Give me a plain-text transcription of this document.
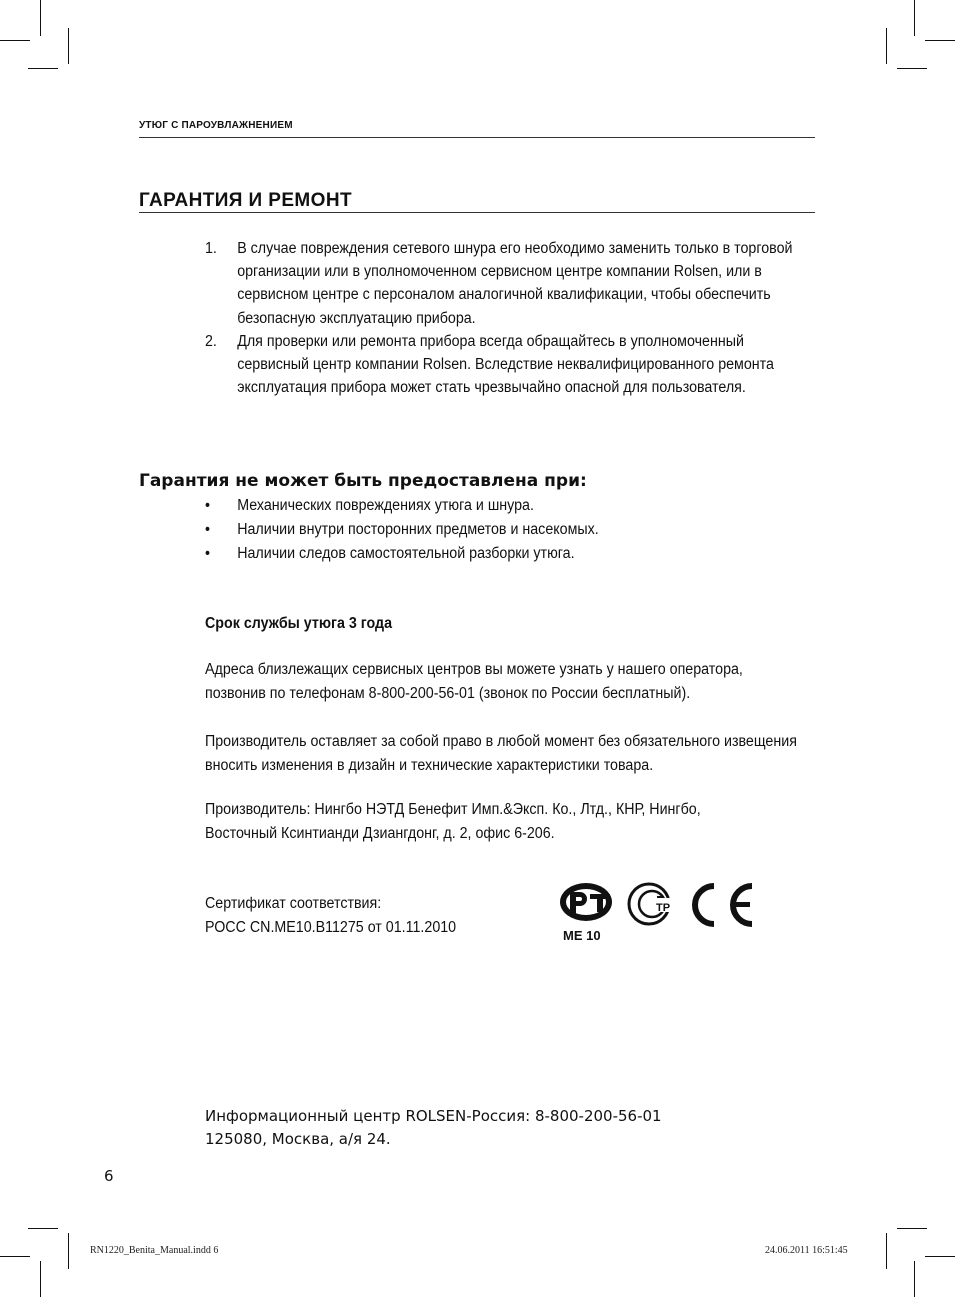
УТЮГ С ПАРОУВЛАЖНЕНИЕМ
ГАРАНТИЯ И РЕМОНТ
1. В случае повреждения сетевого шнура его необходимо заменить только в торговой организации или в уполномоченном сервисном центре компании Rolsen, или в сервисном центре с персоналом аналогичной квалификации, чтобы обеспечить безопасную эксплуатацию прибора.
2. Для проверки или ремонта прибора всегда обращайтесь в уполномоченный сервисный центр компании Rolsen. Вследствие неквалифицированного ремонта эксплуатация прибора может стать чрезвычайно опасной для пользователя.
Гарантия не может быть предоставлена при:
• Механических повреждениях утюга и шнура.
• Наличии внутри посторонних предметов и насекомых.
• Наличии следов самостоятельной разборки утюга.
Срок службы утюга 3 года
Адреса близлежащих сервисных центров вы можете узнать у нашего оператора, позвонив по телефонам 8-800-200-56-01 (звонок по России бесплатный).
Производитель оставляет за собой право в любой момент без обязательного извещения вносить изменения в дизайн и технические характеристики товара.
Производитель: Нингбо НЭТД Бенефит Имп.&Эксп. Ко., Лтд., КНР, Нингбо, Восточный Ксинтианди Дзиангдонг, д. 2, офис 6-206.
Сертификат соответствия:
РОСС CN.ME10.B11275 от 01.11.2010	ME 10
ТР
Информационный центр ROLSEN-Россия: 8-800-200-56-01
125080, Москва, а/я 24.
6
RN1220_Benita_Manual.indd 6	24.06.2011 16:51:45
